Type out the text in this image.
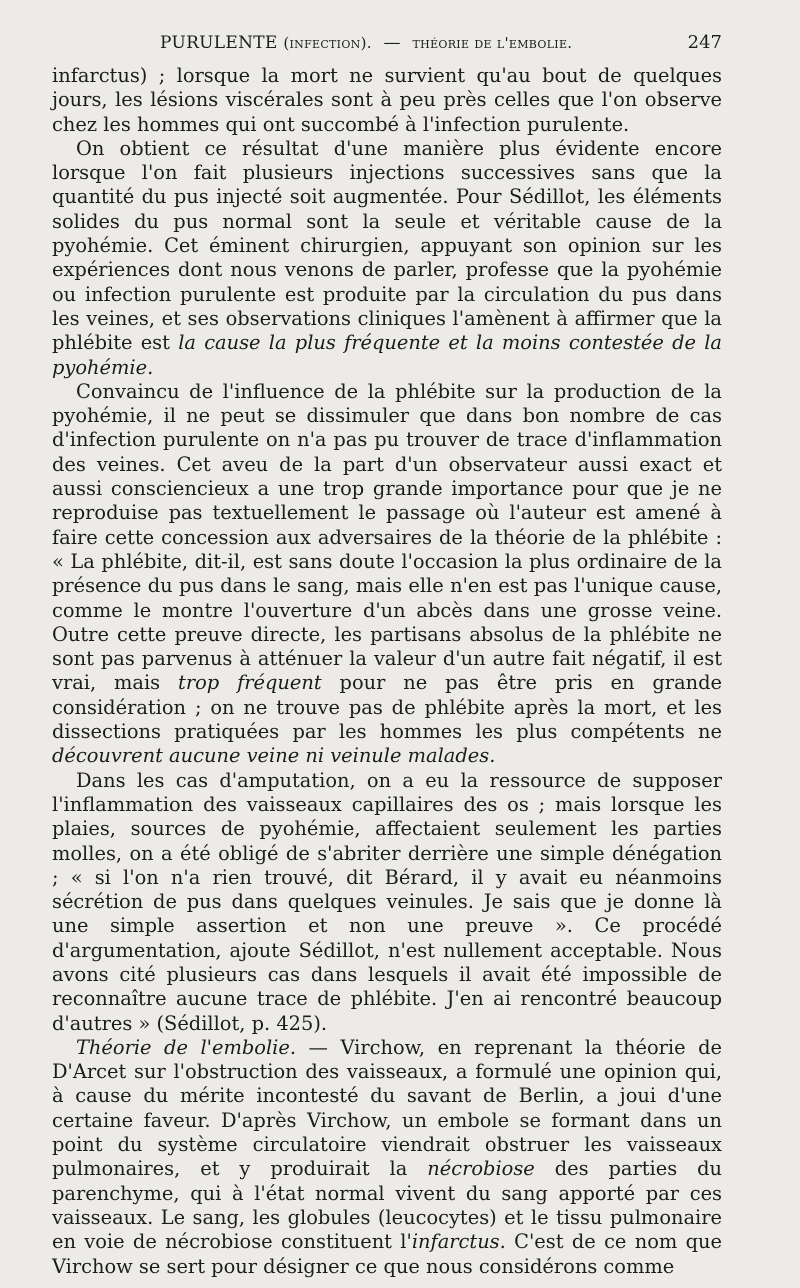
PURULENTE (infection). — théorie de l'embolie.	247

infarctus) ; lorsque la mort ne survient qu'au bout de quelques jours, les lésions viscérales sont à peu près celles que l'on observe chez les hommes qui ont succombé à l'infection purulente.

On obtient ce résultat d'une manière plus évidente encore lorsque l'on fait plusieurs injections successives sans que la quantité du pus injecté soit augmentée. Pour Sédillot, les éléments solides du pus normal sont la seule et véritable cause de la pyohémie. Cet éminent chirurgien, appuyant son opinion sur les expériences dont nous venons de parler, professe que la pyohémie ou infection purulente est produite par la circulation du pus dans les veines, et ses observations cliniques l'amènent à affirmer que la phlébite est la cause la plus fréquente et la moins contestée de la pyohémie.

Convaincu de l'influence de la phlébite sur la production de la pyohémie, il ne peut se dissimuler que dans bon nombre de cas d'infection purulente on n'a pas pu trouver de trace d'inflammation des veines. Cet aveu de la part d'un observateur aussi exact et aussi consciencieux a une trop grande importance pour que je ne reproduise pas textuellement le passage où l'auteur est amené à faire cette concession aux adversaires de la théorie de la phlébite : « La phlébite, dit-il, est sans doute l'occasion la plus ordinaire de la présence du pus dans le sang, mais elle n'en est pas l'unique cause, comme le montre l'ouverture d'un abcès dans une grosse veine. Outre cette preuve directe, les partisans absolus de la phlébite ne sont pas parvenus à atténuer la valeur d'un autre fait négatif, il est vrai, mais trop fréquent pour ne pas être pris en grande considération ; on ne trouve pas de phlébite après la mort, et les dissections pratiquées par les hommes les plus compétents ne découvrent aucune veine ni veinule malades.

Dans les cas d'amputation, on a eu la ressource de supposer l'inflammation des vaisseaux capillaires des os ; mais lorsque les plaies, sources de pyohémie, affectaient seulement les parties molles, on a été obligé de s'abriter derrière une simple dénégation ; « si l'on n'a rien trouvé, dit Bérard, il y avait eu néanmoins sécrétion de pus dans quelques veinules. Je sais que je donne là une simple assertion et non une preuve ». Ce procédé d'argumentation, ajoute Sédillot, n'est nullement acceptable. Nous avons cité plusieurs cas dans lesquels il avait été impossible de reconnaître aucune trace de phlébite. J'en ai rencontré beaucoup d'autres » (Sédillot, p. 425).

Théorie de l'embolie. — Virchow, en reprenant la théorie de D'Arcet sur l'obstruction des vaisseaux, a formulé une opinion qui, à cause du mérite incontesté du savant de Berlin, a joui d'une certaine faveur. D'après Virchow, un embole se formant dans un point du système circulatoire viendrait obstruer les vaisseaux pulmonaires, et y produirait la nécrobiose des parties du parenchyme, qui à l'état normal vivent du sang apporté par ces vaisseaux. Le sang, les globules (leucocytes) et le tissu pulmonaire en voie de nécrobiose constituent l'infarctus. C'est de ce nom que Virchow se sert pour désigner ce que nous considérons comme
